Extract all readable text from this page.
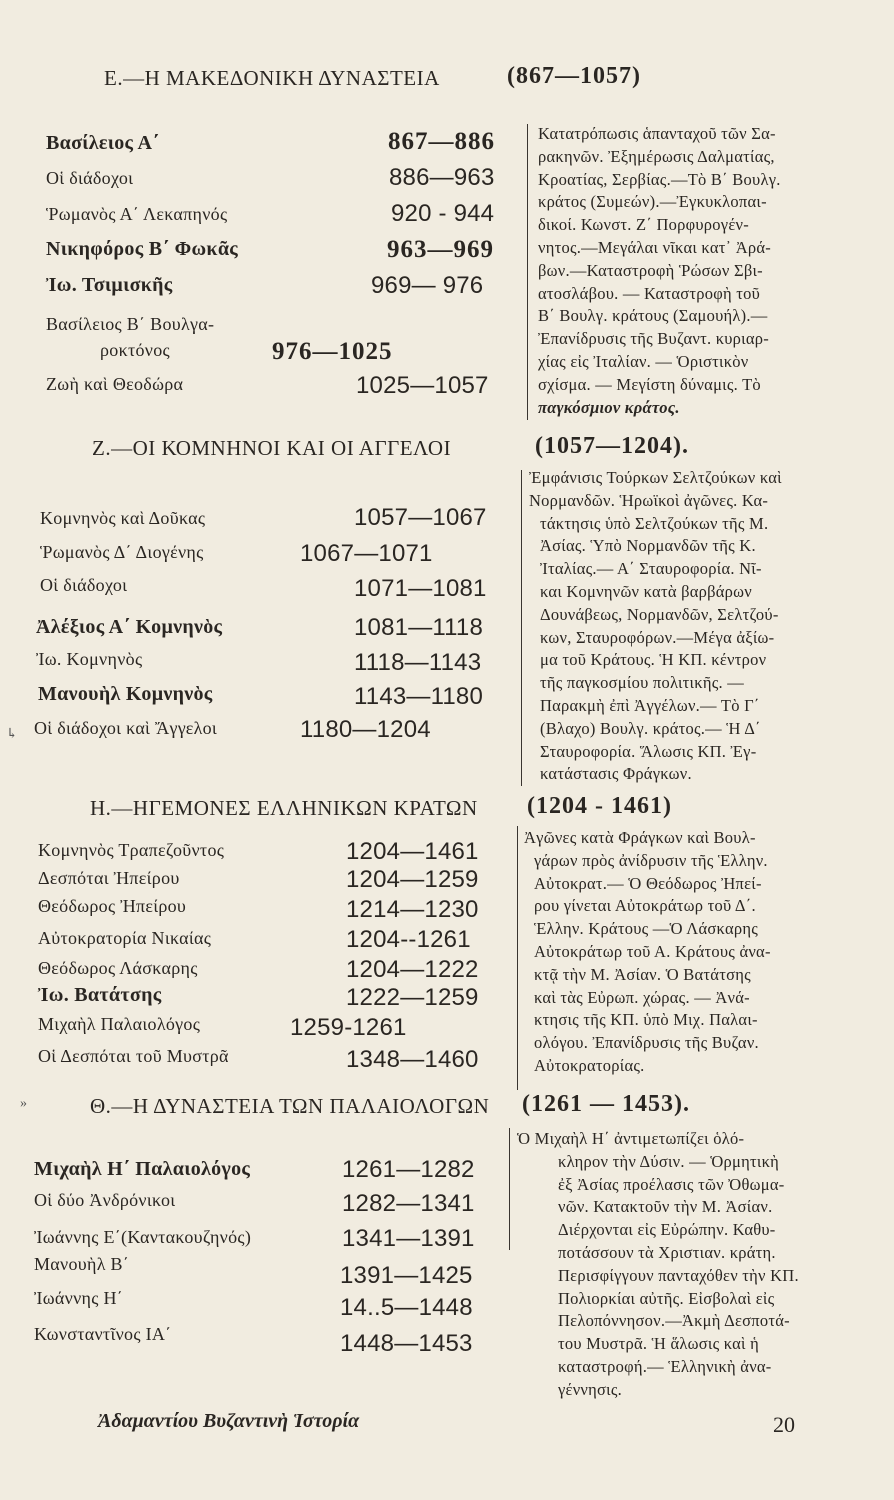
Ε.—Η ΜΑΚΕΔΟΝΙΚΗ ΔΥΝΑΣΤΕΙΑ	(867—1057)
Βασίλειος Α΄	867—886
Οἱ διάδοχοι	886—963
Ῥωμανὸς Α΄ Λεκαπηνός	920 - 944
Νικηφόρος Β΄ Φωκᾶς	963—969
Ἰω. Τσιμισκῆς	969— 976
Βασίλειος Β΄ Βουλγα-
ροκτόνος	976—1025
Ζωὴ καὶ Θεοδώρα	1025—1057
Κατατρόπωσις ἁπανταχοῦ τῶν Σα-
ρακηνῶν. Ἐξημέρωσις Δαλματίας,
Κροατίας, Σερβίας.—Τὸ Β΄ Βουλγ.
κράτος (Συμεών).—Ἐγκυκλοπαι-
δικοί. Κωνστ. Ζ΄ Πορφυρογέν-
νητος.—Μεγάλαι νῖκαι κατ᾽ Ἀρά-
βων.—Καταστροφὴ Ῥώσων Σβι-
ατοσλάβου. — Καταστροφὴ τοῦ
Β΄ Βουλγ. κράτους (Σαμουήλ).—
Ἐπανίδρυσις τῆς Βυζαντ. κυριαρ-
χίας εἰς Ἰταλίαν. — Ὁριστικὸν
σχίσμα. — Μεγίστη δύναμις. Τὸ
παγκόσμιον κράτος.
Ζ.—ΟΙ ΚΟΜΝΗΝΟΙ ΚΑΙ ΟΙ ΑΓΓΕΛΟΙ	(1057—1204).
Κομνηνὸς καὶ Δοῦκας	1057—1067
Ῥωμανὸς Δ΄ Διογένης	1067—1071
Οἱ διάδοχοι	1071—1081
Ἀλέξιος Α΄ Κομνηνὸς	1081—1118
Ἰω. Κομνηνὸς	1118—1143
Μανουὴλ Κομνηνὸς	1143—1180
↳ Οἱ διάδοχοι καὶ Ἄγγελοι	1180—1204
Ἐμφάνισις Τούρκων Σελτζούκων καὶ
Νορμανδῶν. Ἡρωϊκοὶ ἀγῶνες. Κα-
τάκτησις ὑπὸ Σελτζούκων τῆς Μ.
Ἀσίας. Ὑπὸ Νορμανδῶν τῆς Κ.
Ἰταλίας.— Α΄ Σταυροφορία. Νῖ-
και Κομνηνῶν κατὰ βαρβάρων
Δουνάβεως, Νορμανδῶν, Σελτζού-
κων, Σταυροφόρων.—Μέγα ἀξίω-
μα τοῦ Κράτους. Ἡ ΚΠ. κέντρον
τῆς παγκοσμίου πολιτικῆς. —
Παρακμὴ ἐπὶ Ἀγγέλων.— Τὸ Γ΄
(Βλαχο) Βουλγ. κράτος.— Ἡ Δ΄
Σταυροφορία. Ἅλωσις ΚΠ. Ἐγ-
κατάστασις Φράγκων.
Η.—ΗΓΕΜΟΝΕΣ ΕΛΛΗΝΙΚΩΝ ΚΡΑΤΩΝ (1204 - 1461)
Κομνηνὸς Τραπεζοῦντος	1204—1461
Δεσπόται Ἠπείρου	1204—1259
Θεόδωρος Ἠπείρου	1214—1230
Αὐτοκρατορία Νικαίας	1204--1261
Θεόδωρος Λάσκαρης	1204—1222
Ἰω. Βατάτσης	1222—1259
Μιχαὴλ Παλαιολόγος	1259-1261
Οἱ Δεσπόται τοῦ Μυστρᾶ	1348—1460
Ἀγῶνες κατὰ Φράγκων καὶ Βουλ-
γάρων πρὸς ἀνίδρυσιν τῆς Ἑλλην.
Αὐτοκρατ.— Ὁ Θεόδωρος Ἠπεί-
ρου γίνεται Αὐτοκράτωρ τοῦ Δ΄.
Ἑλλην. Κράτους —Ὁ Λάσκαρης
Αὐτοκράτωρ τοῦ Α. Κράτους ἀνα-
κτᾷ τὴν Μ. Ἀσίαν. Ὁ Βατάτσης
καὶ τὰς Εὐρωπ. χώρας. — Ἀνά-
κτησις τῆς ΚΠ. ὑπὸ Μιχ. Παλαι-
ολόγου. Ἐπανίδρυσις τῆς Βυζαν.
Αὐτοκρατορίας.
»	Θ.—Η ΔΥΝΑΣΤΕΙΑ ΤΩΝ ΠΑΛΑΙΟΛΟΓΩΝ (1261 — 1453).
Μιχαὴλ Η΄ Παλαιολόγος	1261—1282
Οἱ δύο Ἀνδρόνικοι	1282—1341
Ἰωάννης Ε΄(Καντακουζηνός)	1341—1391
Μανουὴλ Β΄	1391—1425
Ἰωάννης Η΄	14..5—1448
Κωνσταντῖνος ΙΑ΄	1448—1453
Ὁ Μιχαὴλ Η΄ ἀντιμετωπίζει ὁλό-
κληρον τὴν Δύσιν. — Ὁρμητικὴ
ἐξ Ἀσίας προέλασις τῶν Ὀθωμα-
νῶν. Κατακτοῦν τὴν Μ. Ἀσίαν.
Διέρχονται εἰς Εὐρώπην. Καθυ-
ποτάσσουν τὰ Χριστιαν. κράτη.
Περισφίγγουν πανταχόθεν τὴν ΚΠ.
Πολιορκίαι αὐτῆς. Εἰσβολαὶ εἰς
Πελοπόννησον.—Ἀκμὴ Δεσποτά-
του Μυστρᾶ. Ἡ ἅλωσις καὶ ἡ
καταστροφή.— Ἑλληνικὴ ἀνα-
γέννησις.
Ἀδαμαντίου Βυζαντινὴ Ἱστορία	20
